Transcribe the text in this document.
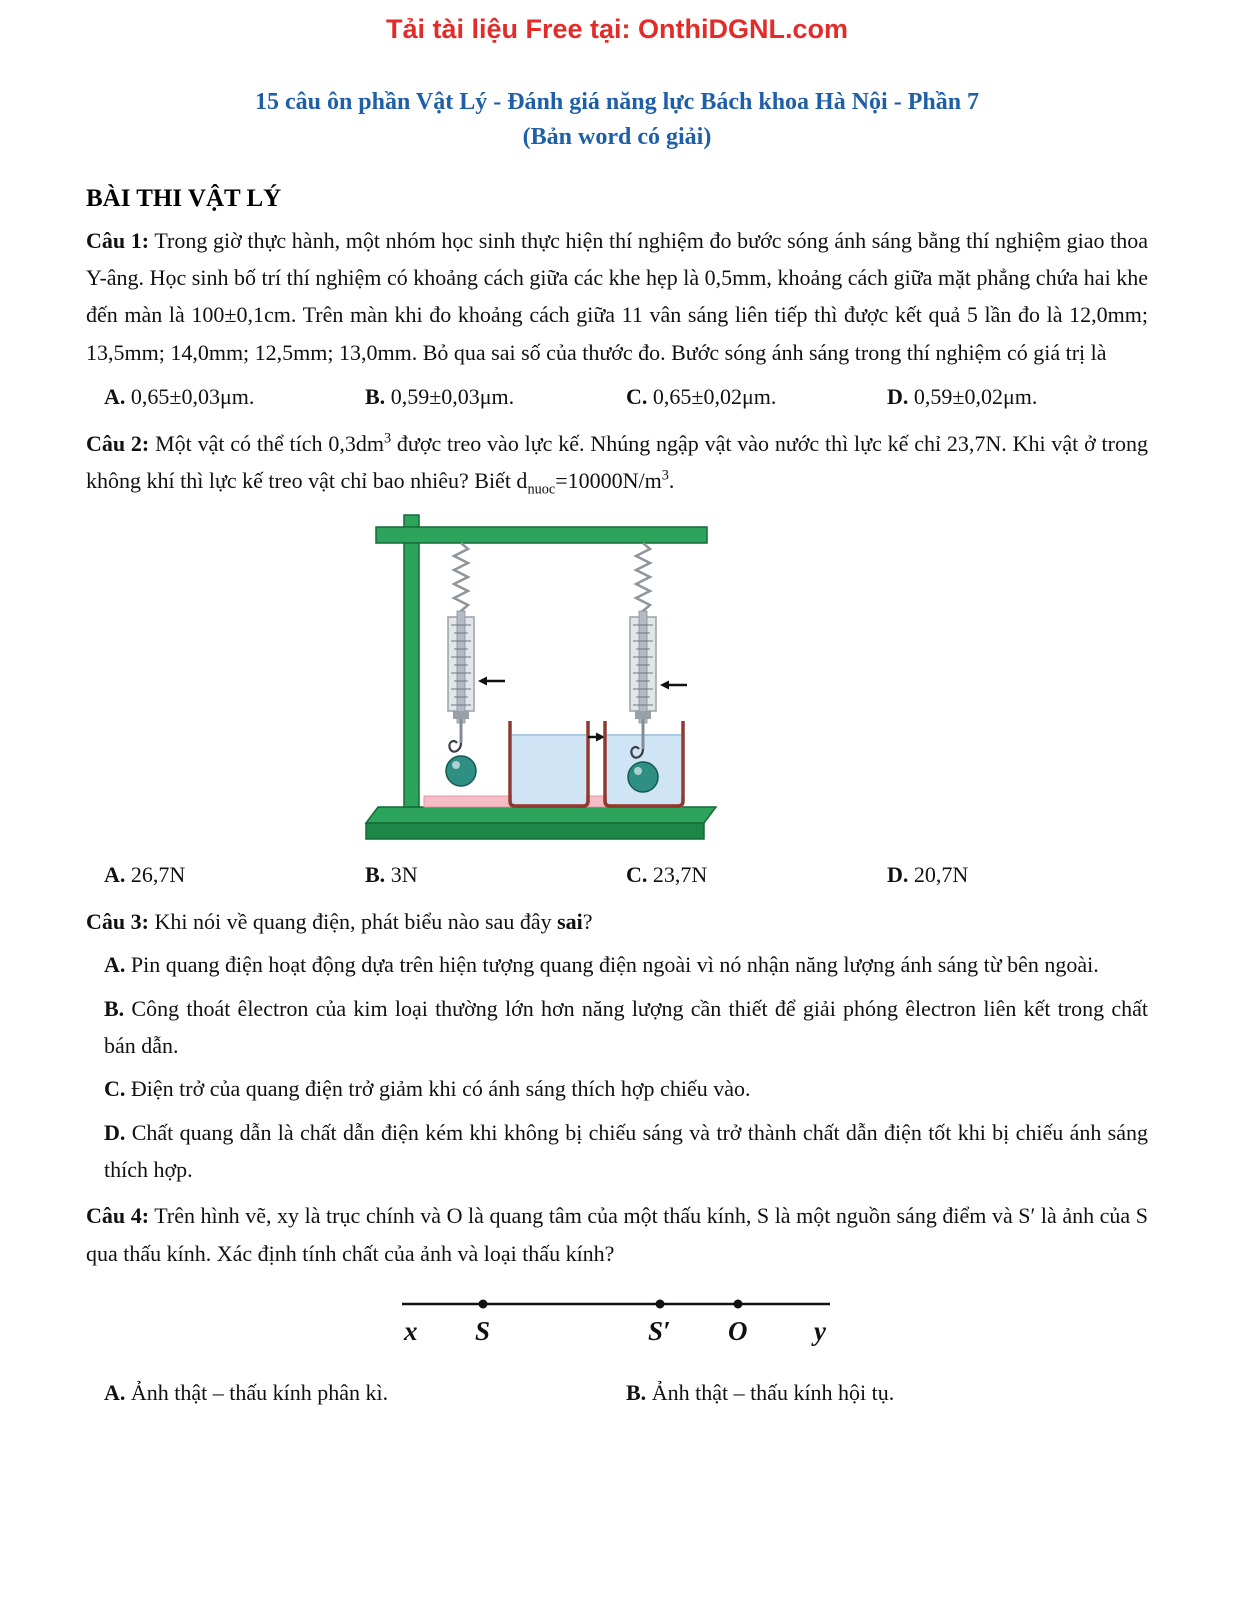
Tải tài liệu Free tại: OnthiDGNL.com
15 câu ôn phần Vật Lý - Đánh giá năng lực Bách khoa Hà Nội - Phần 7
(Bản word có giải)
BÀI THI VẬT LÝ

Câu 1: Trong giờ thực hành, một nhóm học sinh thực hiện thí nghiệm đo bước sóng ánh sáng bằng thí nghiệm giao thoa Y-âng. Học sinh bố trí thí nghiệm có khoảng cách giữa các khe hẹp là 0,5mm, khoảng cách giữa mặt phẳng chứa hai khe đến màn là 100±0,1cm. Trên màn khi đo khoảng cách giữa 11 vân sáng liên tiếp thì được kết quả 5 lần đo là 12,0mm; 13,5mm; 14,0mm; 12,5mm; 13,0mm. Bỏ qua sai số của thước đo. Bước sóng ánh sáng trong thí nghiệm có giá trị là

A. 0,65±0,03μm.	B. 0,59±0,03μm.	C. 0,65±0,02μm.	D. 0,59±0,02μm.

Câu 2: Một vật có thể tích $0,3dm^3$ được treo vào lực kế. Nhúng ngập vật vào nước thì lực kế chỉ 23,7N. Khi vật ở trong không khí thì lực kế treo vật chỉ bao nhiêu? Biết $d_{nuoc}=10000N/m^3$.

A. 26,7N	B. 3N	C. 23,7N	D. 20,7N

Câu 3: Khi nói về quang điện, phát biểu nào sau đây sai?

A. Pin quang điện hoạt động dựa trên hiện tượng quang điện ngoài vì nó nhận năng lượng ánh sáng từ bên ngoài.

B. Công thoát êlectron của kim loại thường lớn hơn năng lượng cần thiết để giải phóng êlectron liên kết trong chất bán dẫn.

C. Điện trở của quang điện trở giảm khi có ánh sáng thích hợp chiếu vào.

D. Chất quang dẫn là chất dẫn điện kém khi không bị chiếu sáng và trở thành chất dẫn điện tốt khi bị chiếu ánh sáng thích hợp.

Câu 4: Trên hình vẽ, xy là trục chính và O là quang tâm của một thấu kính, S là một nguồn sáng điểm và S′ là ảnh của S qua thấu kính. Xác định tính chất của ảnh và loại thấu kính?

x S	S′ O y
A. Ảnh thật – thấu kính phân kì.	B. Ảnh thật – thấu kính hội tụ.
